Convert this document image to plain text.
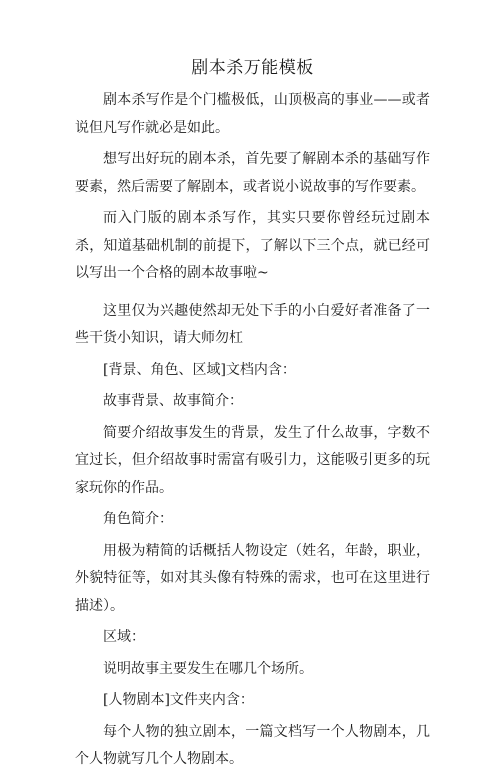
剧本杀万能模板

剧本杀写作是个门槛极低，山顶极高的事业——或者说但凡写作就必是如此。

想写出好玩的剧本杀，首先要了解剧本杀的基础写作要素，然后需要了解剧本，或者说小说故事的写作要素。

而入门版的剧本杀写作，其实只要你曾经玩过剧本杀，知道基础机制的前提下，了解以下三个点，就已经可以写出一个合格的剧本故事啦~

这里仅为兴趣使然却无处下手的小白爱好者准备了一些干货小知识，请大师勿杠

[背景、角色、区域]文档内含：

故事背景、故事简介：

简要介绍故事发生的背景，发生了什么故事，字数不宜过长，但介绍故事时需富有吸引力，这能吸引更多的玩家玩你的作品。

角色简介：

用极为精简的话概括人物设定（姓名，年龄，职业，外貌特征等，如对其头像有特殊的需求，也可在这里进行描述）。

区域：

说明故事主要发生在哪几个场所。

[人物剧本]文件夹内含：

每个人物的独立剧本，一篇文档写一个人物剧本，几个人物就写几个人物剧本。
